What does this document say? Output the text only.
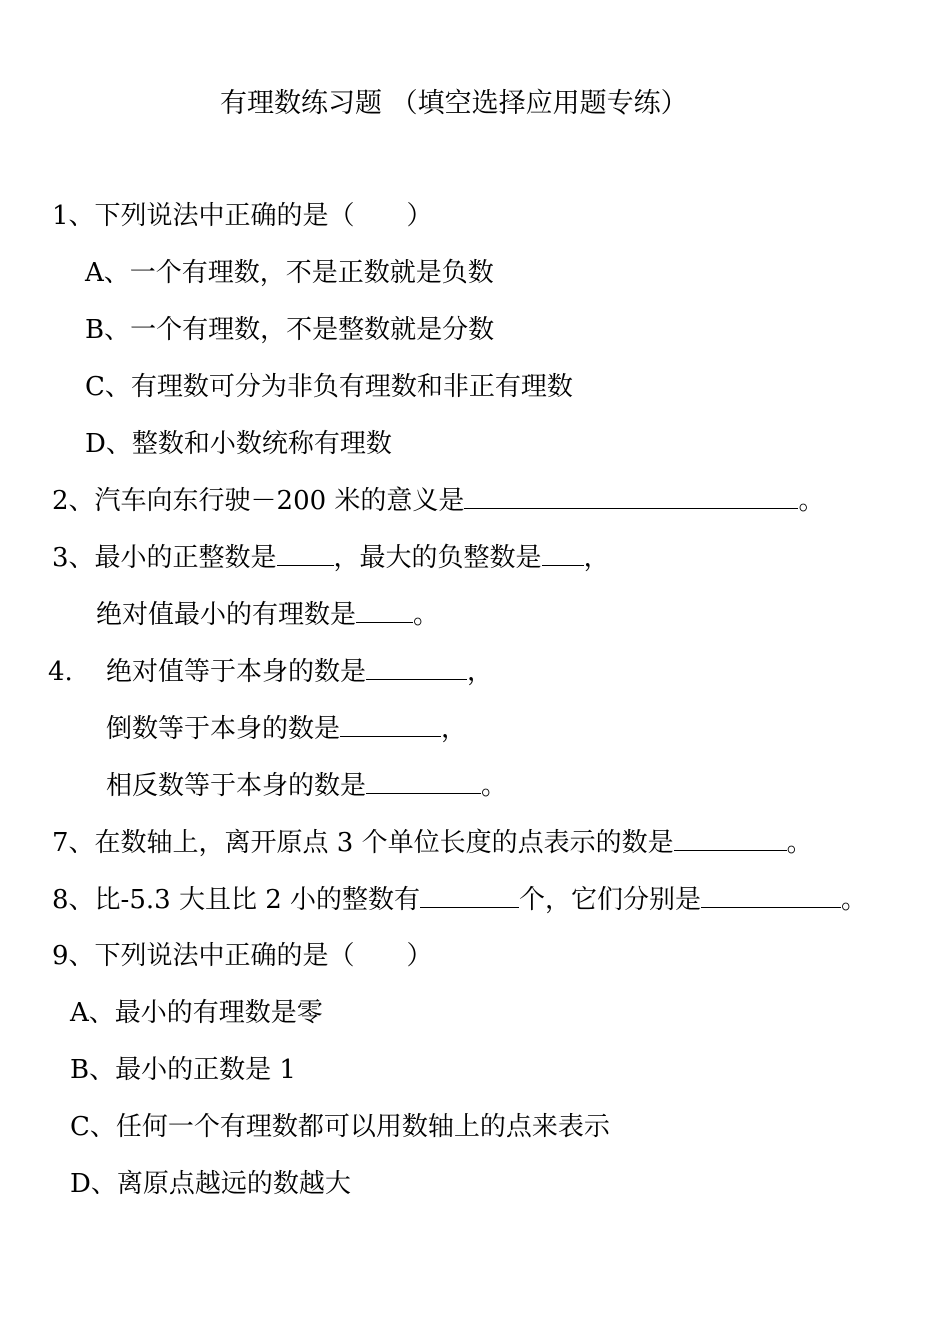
有理数练习题 （填空选择应用题专练）
1、下列说法中正确的是（　　）
A、一个有理数，不是正数就是负数
B、一个有理数，不是整数就是分数
C、有理数可分为非负有理数和非正有理数
D、整数和小数统称有理数
2、汽车向东行驶－200 米的意义是	。
3、最小的正整数是 ，最大的负整数是 ，
绝对值最小的有理数是 。
4. 绝对值等于本身的数是	，
倒数等于本身的数是	，
相反数等于本身的数是	。
7、在数轴上，离开原点 3 个单位长度的点表示的数是	。
8、比-5.3 大且比 2 小的整数有	个，它们分别是	。
9、下列说法中正确的是（　　）
A、最小的有理数是零
B、最小的正数是 1
C、任何一个有理数都可以用数轴上的点来表示
D、离原点越远的数越大
